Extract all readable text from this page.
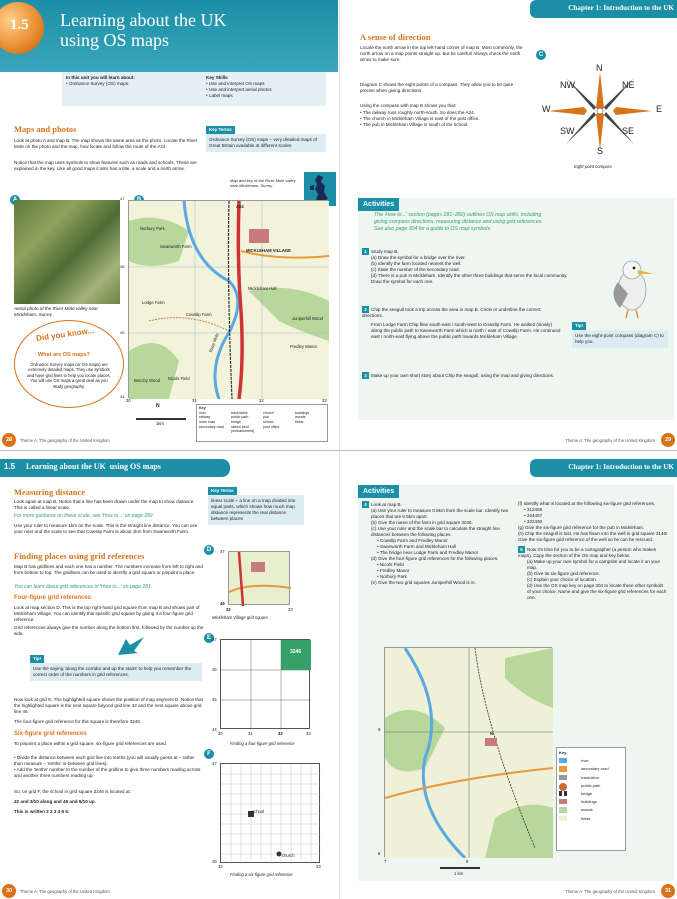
1.5 Learning about the UK
using OS maps
In this unit you will learn about:
• Ordnance Survey (OS) maps.
Key Skills
• Use and interpret OS maps
• Use and interpret aerial photos
• Label maps
Maps and photos
Look at photo A and map B. The map shows the same area as the photo. Locate the River Mole on the photo and the map, how locate and follow the route of the A24.
Notice that the map uses symbols to show features such as roads and schools. These are explained in the key. Like all good maps it also has a title, a scale and a north arrow.
Key Terms
Ordnance Survey (OS) maps – very detailed maps of Great Britain available at different scales
Map and key of the River Mole valley near Mickleham, Surrey
Aerial photo of the River Mole valley near Mickleham, Surrey
Did you know...
What are OS maps?
Ordnance Survey maps (or OS maps) are extremely detailed maps. They use symbols and have grid lines to help you locate places. You will use OS maps a great deal as you study geography.
46
45
47
44
Norbury Park
Swanworth Farm
MICKLEHAM VILLAGE
Mickleham Hall
Lodge Farm
Cowslip Farm
Juniperhill Wood
Fredley Manor
Beechy Wood	Nicols Field
River Mole
A24
30	31	32	33
N
1km
Key
river	track/drive	church	buildings
railway	public path	pub	woods
main road	bridge	school	fields
secondary road	raised land (embankment)
post office
28	Theme A: The geography of the United Kingdom
Chapter 1: Introduction to the UK
A sense of direction
Locate the north arrow in the top left-hand corner of map B. Most commonly, the north arrow on a map points straight up. But be careful! Always check the north arrow to make sure.
Diagram C shows the eight points of a compass. They allow you to be quite precise when giving directions.
Using the compass with map B shows you that:
• The railway runs roughly north-south. So does the A24.
• The church in Mickleham Village is east of the post office.
• The pub in Mickleham Village is south of the school.
C
N
NW	NE
W	E
SW	SE
S
Eight-point compass
Activities
The 'How to...' section (pages 281–282) outlines OS map skills, including giving compass directions, measuring distance and using grid references. See also page 304 for a guide to OS map symbols.
1 Study map B.
(a) Draw the symbol for a bridge over the river.
(b) Identify the farm located nearest the well.
(c) State the number of the secondary road.
(d) There is a pub in Mickleham. Identify the other three buildings that serve the local community. Draw the symbol for each one.
2 Chip the seagull took a trip across the area in map B. Circle or underline the correct directions.
From Lodge Farm Chip flew south-east / south-west to Cowslip Farm. He walked (slowly) along the public path to Swanworth Farm which is north / east of Cowslip Farm. He continued east / north-east flying above the public path towards Mickleham Village.
3 Make up your own short story about Chip the seagull, using the map and giving directions.
Tip!
Use the eight-point compass (diagram C) to help you.
29
Theme A: The geography of the United Kingdom
1.5 Learning about the UK  using OS maps
Measuring distance
Look again at map B. Notice that a line has been drawn under the map to show distance. This is called a linear scale.
For more guidance on linear scale, see 'How to...' on page 282.
Use your ruler to measure 1km on the scale. This is the straight line distance. You can use your ruler and the scale to see that Cowslip Farm is about 1km from Swanworth Farm.
Key Terms
linear scale – a line on a map divided into equal parts, which shows how much map distance represents the real distance between places
Finding places using grid references
Map B has gridlines and each one has a number. The numbers increase from left to right and from bottom to top. The gridlines can be used to identify a grid square or pinpoint a place.
You can learn about grid references in 'How to...' on page 281.
Four-figure grid references
Look at map section D. This is the top right-hand grid square from map B and shows part of Mickleham Village. You can identify this specific grid square by giving it a four-figure grid reference.
Grid references always give the number along the bottom first, followed by the number up the side.
Tip!
Use the saying 'along the corridor and up the stairs' to help you remember the correct order of the numbers in grid references.
Now look at grid E. The highlighted square shows the position of map segment D. Notice that the highlighted square is the next square beyond grid line 32 and the next square above grid line 46.
The four-figure grid reference for this square is therefore 3246.
Six-figure grid references
To pinpoint a place within a grid square, six-figure grid references are used.
• Divide the distance between each grid line into tenths (you will usually guess at – rather than measure – 'tenths' in-between grid lines).
• Add the 'tenths' number to the number of the gridline to give three numbers reading across and another three numbers reading up.
So, on grid F, the school in grid square 3246 is located at:
32 and 3/10 along and 46 and 5/10 up.
This is written 3 2 3 4 6 5.
D	47
46
32	33
Mickleham Village grid square
E
3246
47
46
45
44
30	31	32	33
Finding a four-figure grid reference
F
47
46
32	33
school
church
Finding a six-figure grid reference
30	Theme A: The geography of the United Kingdom
Chapter 1: Introduction to the UK
Activities
4 Look at map B.
(a) Use your ruler to measure 0.5km from the scale bar. Identify two places that are 0.5km apart.
(b) Give the name of the farm in grid square 3045.
(c) Use your ruler and the scale bar to calculate the straight line distances between the following places.
• Cowslip Farm and Fredley Manor
• Swanworth Farm and Mickleham Hall
• The bridge near Lodge Farm and Fredley Manor
(d) Give the four-figure grid references for the following places.
• Nicols Field
• Fredley Manor
• Norbury Park
(e) Give the two grid squares Juniperhill Wood is in.
(f) Identify what is located at the following six-figure grid references.
• 312468
• 324457
• 322460
(g) Give the six-figure grid reference for the pub in Mickleham.
(h) Chip the seagull is lost. He has flown into the well in grid square 3146! Give the six-figure grid reference of the well so he can be rescued.
5 Now it's time for you to be a cartographer (a person who makes maps). Copy the section of the OS map and key below.
(a) Make up your own symbol for a campsite and locate it on your map.
(b) Give its six-figure grid reference.
(c) Explain your choice of location.
(d) Use the OS map key on page 304 to locate three other symbols of your choice. Name and give the six-figure grid references for each one.
9
8
7	8
N
1 km
Key
river
secondary road
track/drive
public path
bridge
buildings
woods
fields
31
Theme A: The geography of the United Kingdom
